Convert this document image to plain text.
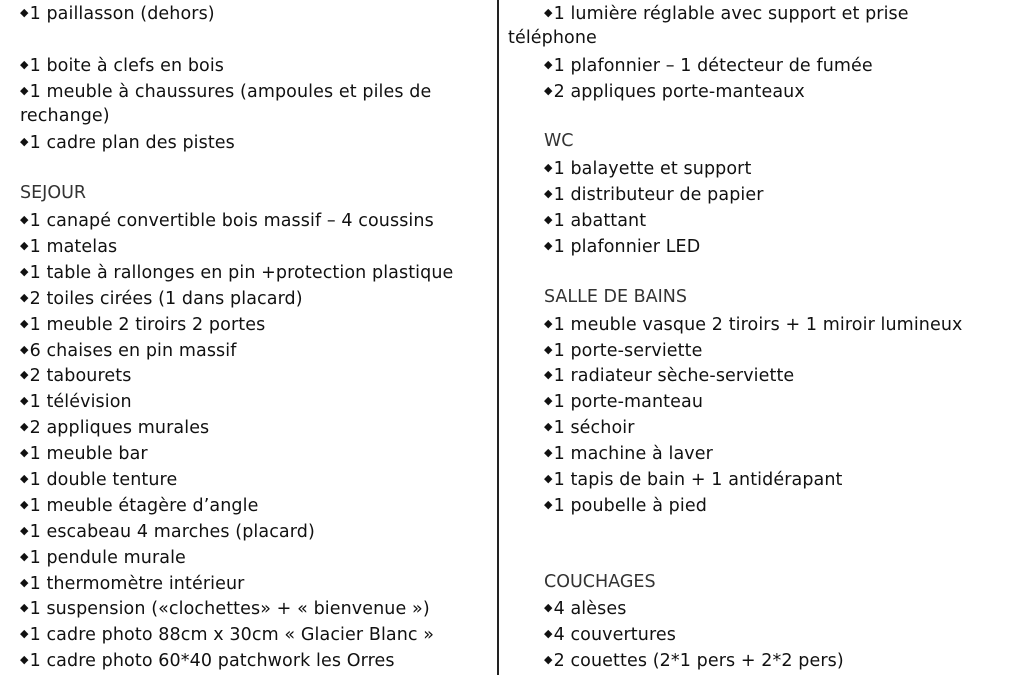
◆1 paillasson (dehors)
◆1 boite à clefs en bois
◆1 meuble à chaussures (ampoules et piles de
rechange)
◆1 cadre plan des pistes
SEJOUR
◆1 canapé convertible bois massif – 4 coussins
◆1 matelas
◆1 table à rallonges en pin +protection plastique
◆2 toiles cirées (1 dans placard)
◆1 meuble 2 tiroirs 2 portes
◆6 chaises en pin massif
◆2 tabourets
◆1 télévision
◆2 appliques murales
◆1 meuble bar
◆1 double tenture
◆1 meuble étagère d’angle
◆1 escabeau 4 marches (placard)
◆1 pendule murale
◆1 thermomètre intérieur
◆1 suspension («clochettes» + « bienvenue »)
◆1 cadre photo 88cm x 30cm « Glacier Blanc »
◆1 cadre photo 60*40 patchwork les Orres
◆1 lumière réglable avec support et prise
téléphone
◆1 plafonnier – 1 détecteur de fumée
◆2 appliques porte-manteaux
WC
◆1 balayette et support
◆1 distributeur de papier
◆1 abattant
◆1 plafonnier LED
SALLE DE BAINS
◆1 meuble vasque 2 tiroirs + 1 miroir lumineux
◆1 porte-serviette
◆1 radiateur sèche-serviette
◆1 porte-manteau
◆1 séchoir
◆1 machine à laver
◆1 tapis de bain + 1 antidérapant
◆1 poubelle à pied
COUCHAGES
◆4 alèses
◆4 couvertures
◆2 couettes (2*1 pers + 2*2 pers)
